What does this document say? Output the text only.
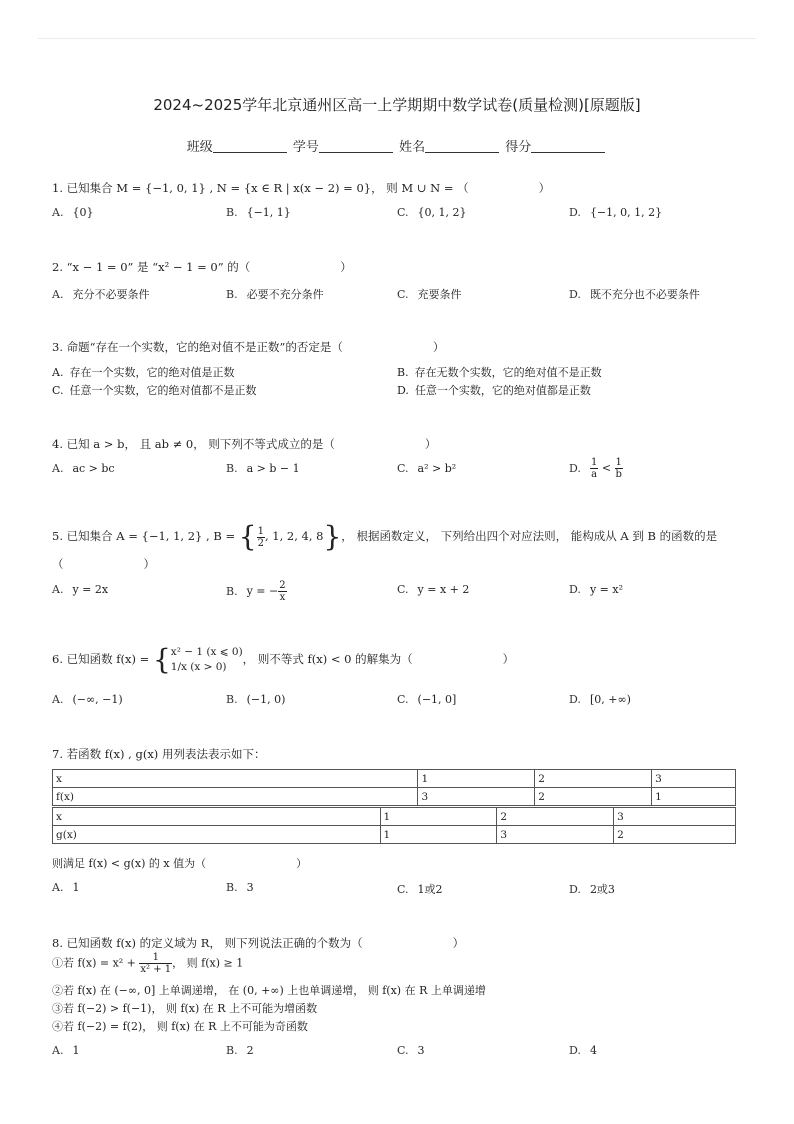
2024~2025学年北京通州区高一上学期期中数学试卷(质量检测)[原题版]
班级	学号	姓名	得分
1. 已知集合 M = {−1, 0, 1} , N = {x ∈ R | x(x − 2) = 0}， 则 M ∪ N = （	）
A. {0}	B. {−1, 1}	C. {0, 1, 2}	D. {−1, 0, 1, 2}
2. “x − 1 = 0” 是 “x² − 1 = 0” 的（	）
A. 充分不必要条件	B. 必要不充分条件	C. 充要条件	D. 既不充分也不必要条件
3. 命题“存在一个实数，它的绝对值不是正数”的否定是（	）
A. 存在一个实数，它的绝对值是正数	B. 存在无数个实数，它的绝对值不是正数
C. 任意一个实数，它的绝对值都不是正数	D. 任意一个实数，它的绝对值都是正数
4. 已知 a > b， 且 ab ≠ 0， 则下列不等式成立的是（	）
A. ac > bc	B. a > b − 1	C. a² > b²	D. $\frac{1}{a} < \frac{1}{b}$
5. 已知集合 A = {−1, 1, 2} , B = { $\frac{1}{2}$ , 1, 2, 4, 8}， 根据函数定义， 下列给出四个对应法则， 能构成从 A 到 B 的函数的是
（	）
A. y = 2x	B. y = − $\frac{2}{x}$	C. y = x + 2	D. y = x²
6. 已知函数 f(x) = { x² − 1 (x ⩽ 0)
1/x (x > 0)
， 则不等式 f(x) < 0 的解集为（	）
A. (−∞, −1)	B. (−1, 0)	C. (−1, 0]	D. [0, +∞)
7. 若函数 f(x) , g(x) 用列表法表示如下：
x	1	2	3
f(x)	3	2	1
x	1	2	3
g(x)	1	3	2
则满足 f(x) < g(x) 的 x 值为（	）
A. 1	B. 3	C. 1或2	D. 2或3
8. 已知函数 f(x) 的定义域为 R， 则下列说法正确的个数为（	）
①若 $f(x) = x^2 + \frac{1}{\text{x² + 1}}$ ， 则 f(x) ≥ 1
②若 f(x) 在 (−∞, 0] 上单调递增， 在 (0, +∞) 上也单调递增， 则 f(x) 在 R 上单调递增
③若 f(−2) > f(−1)， 则 f(x) 在 R 上不可能为增函数
④若 f(−2) = f(2)， 则 f(x) 在 R 上不可能为奇函数
A. 1	B. 2	C. 3	D. 4
